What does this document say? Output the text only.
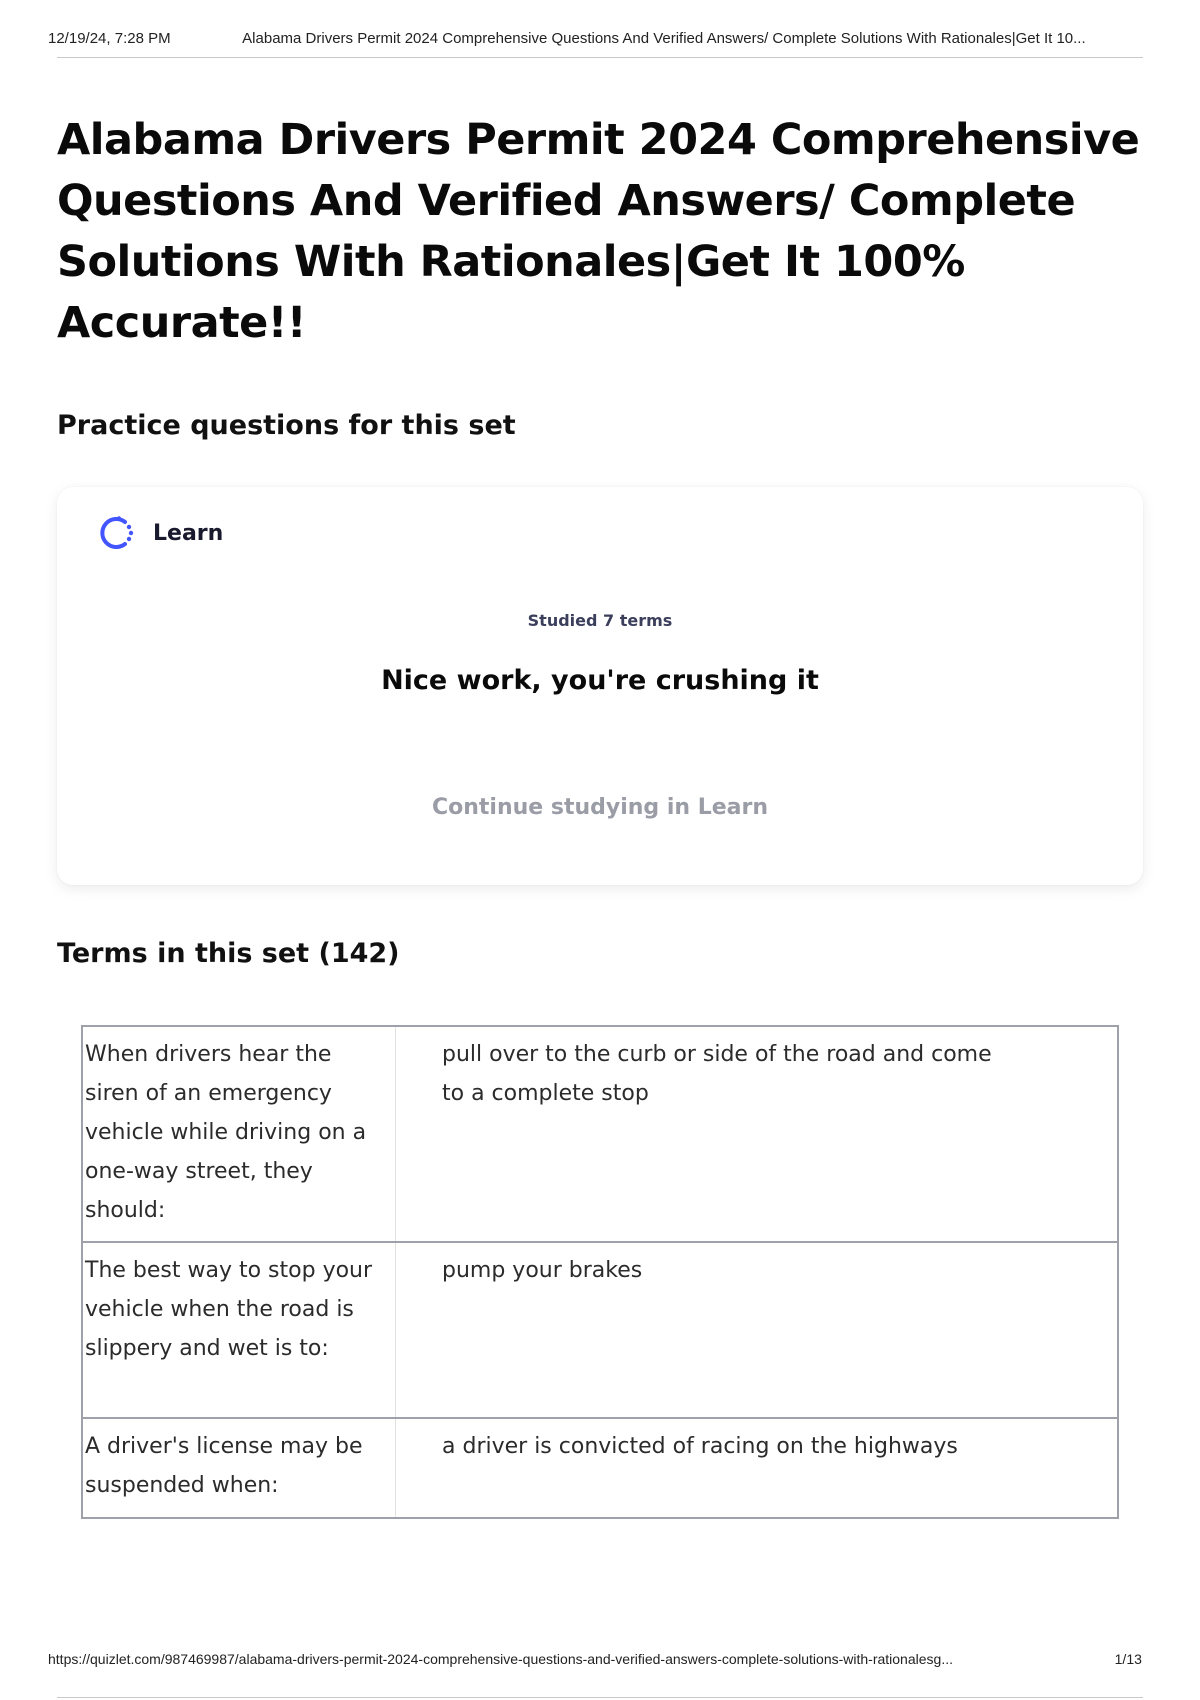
12/19/24, 7:28 PM	Alabama Drivers Permit 2024 Comprehensive Questions And Verified Answers/ Complete Solutions With Rationales|Get It 10...
Alabama Drivers Permit 2024 Comprehensive Questions And Verified Answers/ Complete Solutions With Rationales|Get It 100% Accurate!!
Practice questions for this set
Learn
Studied 7 terms
Nice work, you're crushing it
Continue studying in Learn
Terms in this set (142)
When drivers hear the siren of an emergency vehicle while driving on a one-way street, they should:	pull over to the curb or side of the road and come to a complete stop
The best way to stop your vehicle when the road is slippery and wet is to:	pump your brakes
A driver's license may be suspended when:	a driver is convicted of racing on the highways
https://quizlet.com/987469987/alabama-drivers-permit-2024-comprehensive-questions-and-verified-answers-complete-solutions-with-rationalesg...	1/13
